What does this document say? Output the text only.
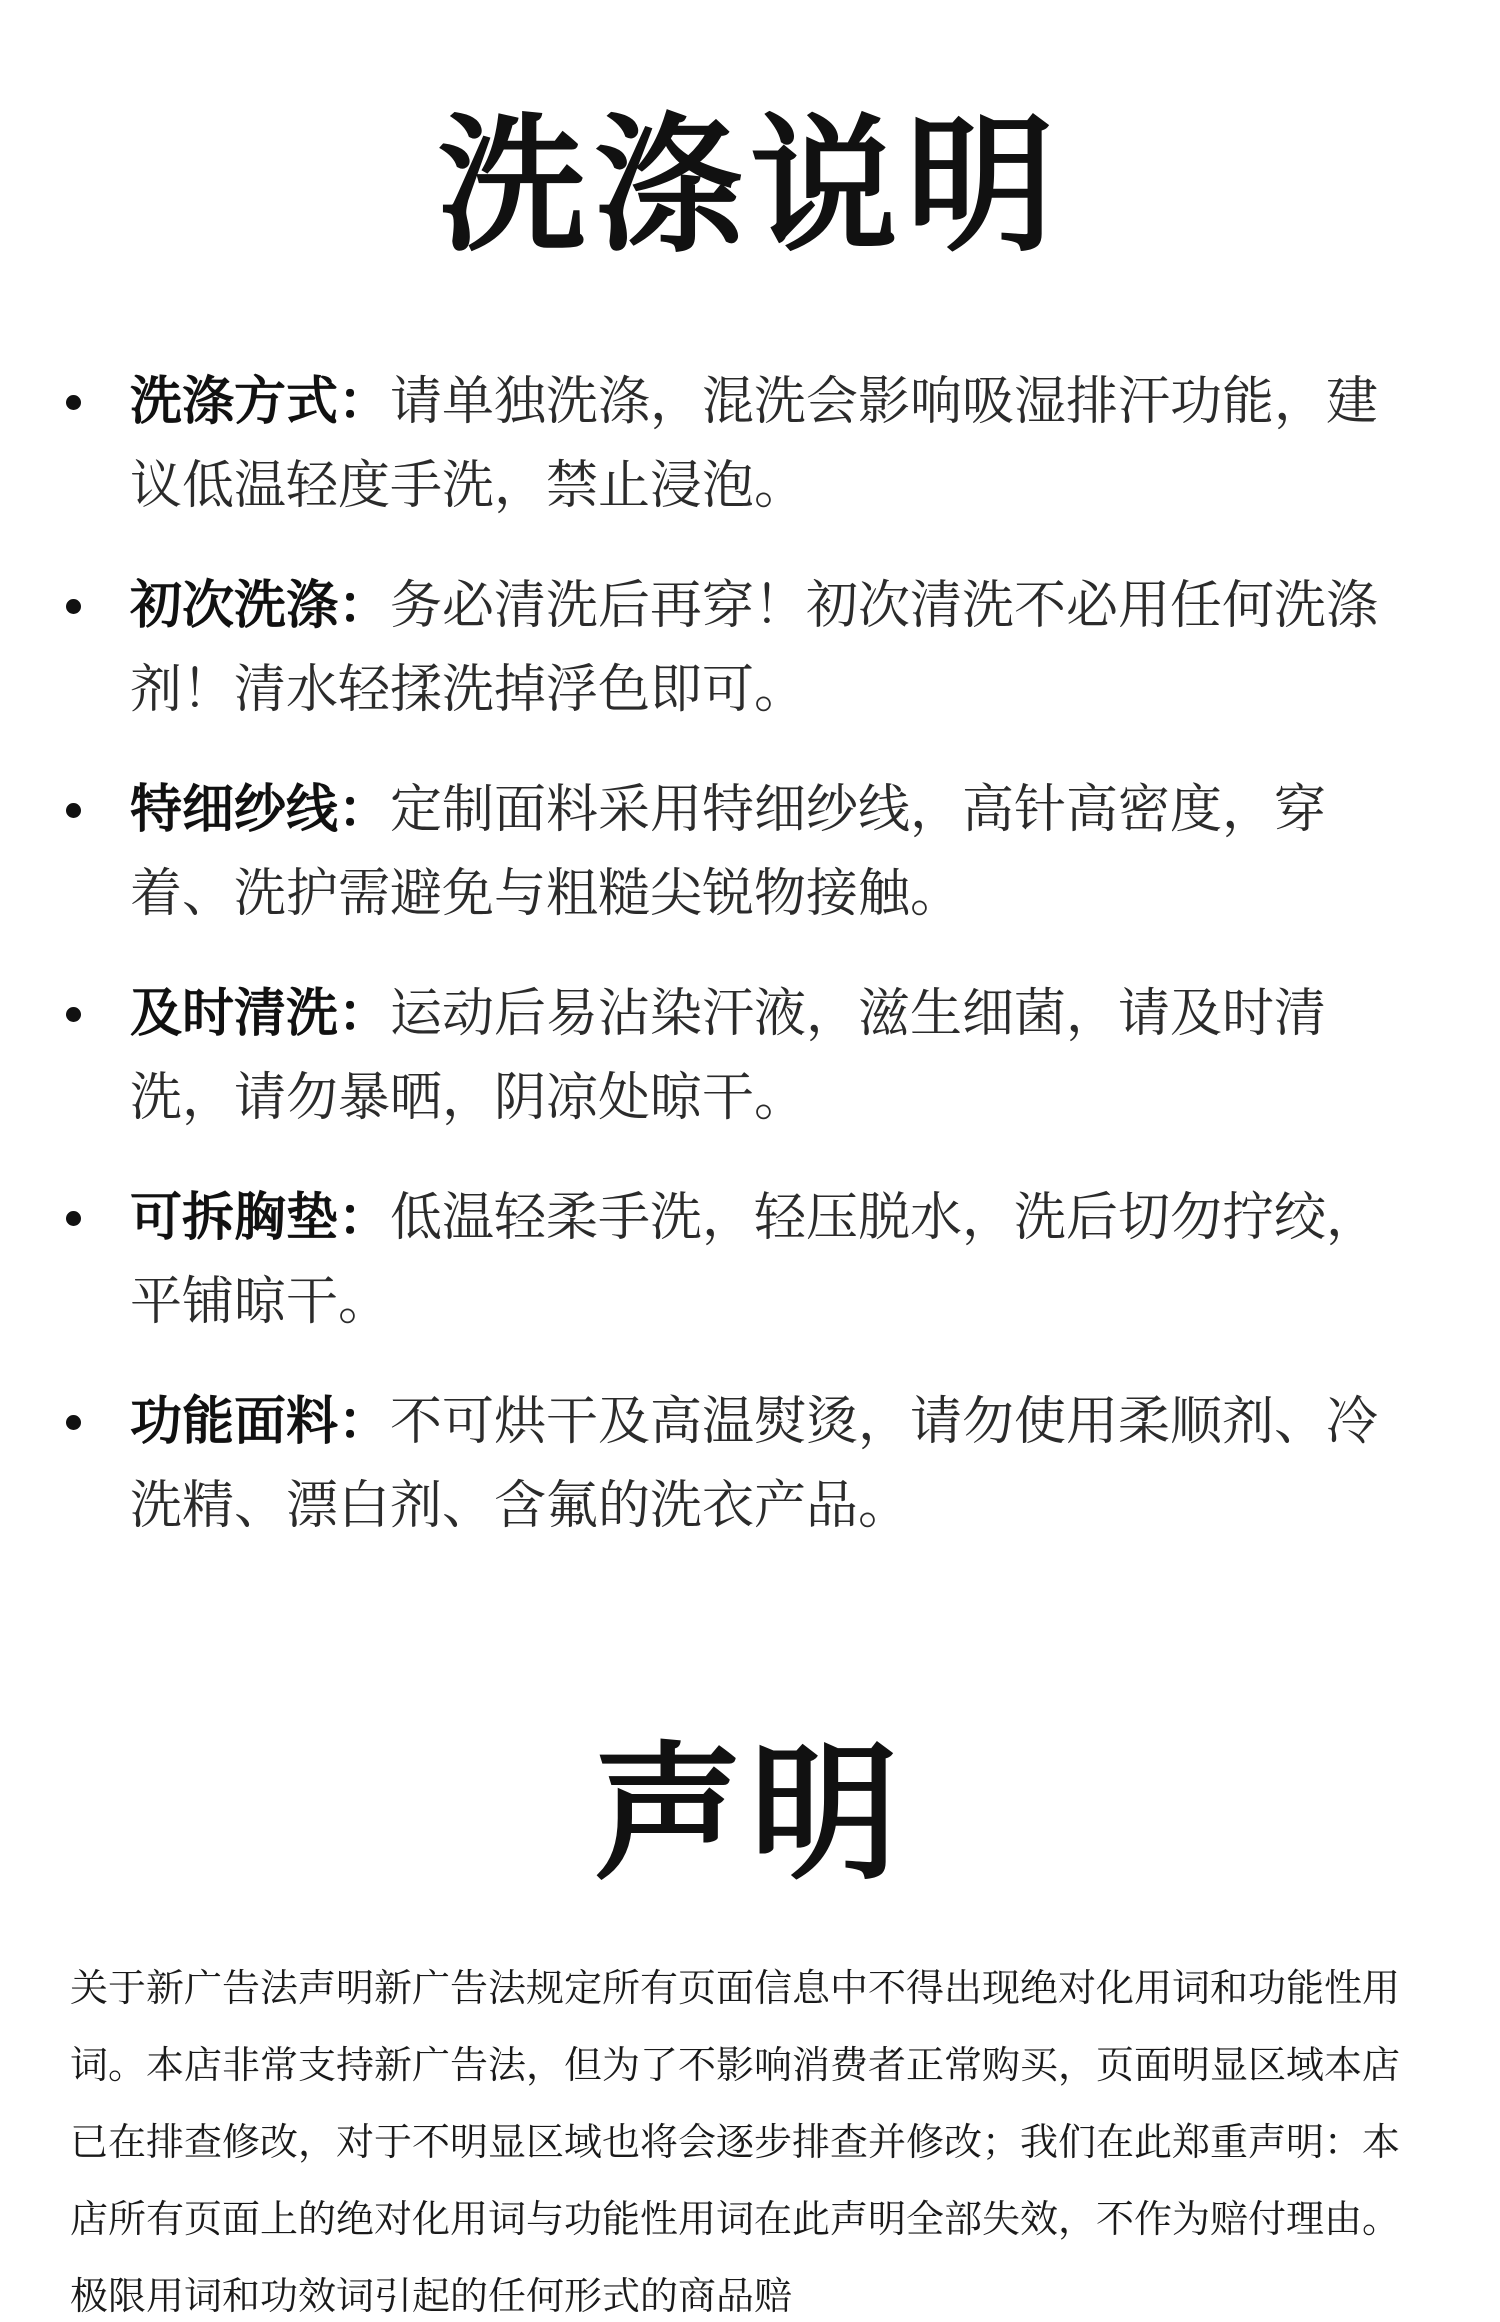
洗涤说明
洗涤方式：请单独洗涤，混洗会影响吸湿排汗功能，建议低温轻度手洗，禁止浸泡。
初次洗涤：务必清洗后再穿！初次清洗不必用任何洗涤剂！清水轻揉洗掉浮色即可。
特细纱线：定制面料采用特细纱线，高针高密度，穿着、洗护需避免与粗糙尖锐物接触。
及时清洗：运动后易沾染汗液，滋生细菌，请及时清洗，请勿暴晒，阴凉处晾干。
可拆胸垫：低温轻柔手洗，轻压脱水，洗后切勿拧绞，平铺晾干。
功能面料：不可烘干及高温熨烫，请勿使用柔顺剂、冷洗精、漂白剂、含氟的洗衣产品。
声明

关于新广告法声明新广告法规定所有页面信息中不得出现绝对化用词和功能性用词。本店非常支持新广告法，但为了不影响消费者正常购买，页面明显区域本店已在排查修改，对于不明显区域也将会逐步排查并修改；我们在此郑重声明：本店所有页面上的绝对化用词与功能性用词在此声明全部失效，不作为赔付理由。极限用词和功效词引起的任何形式的商品赔
